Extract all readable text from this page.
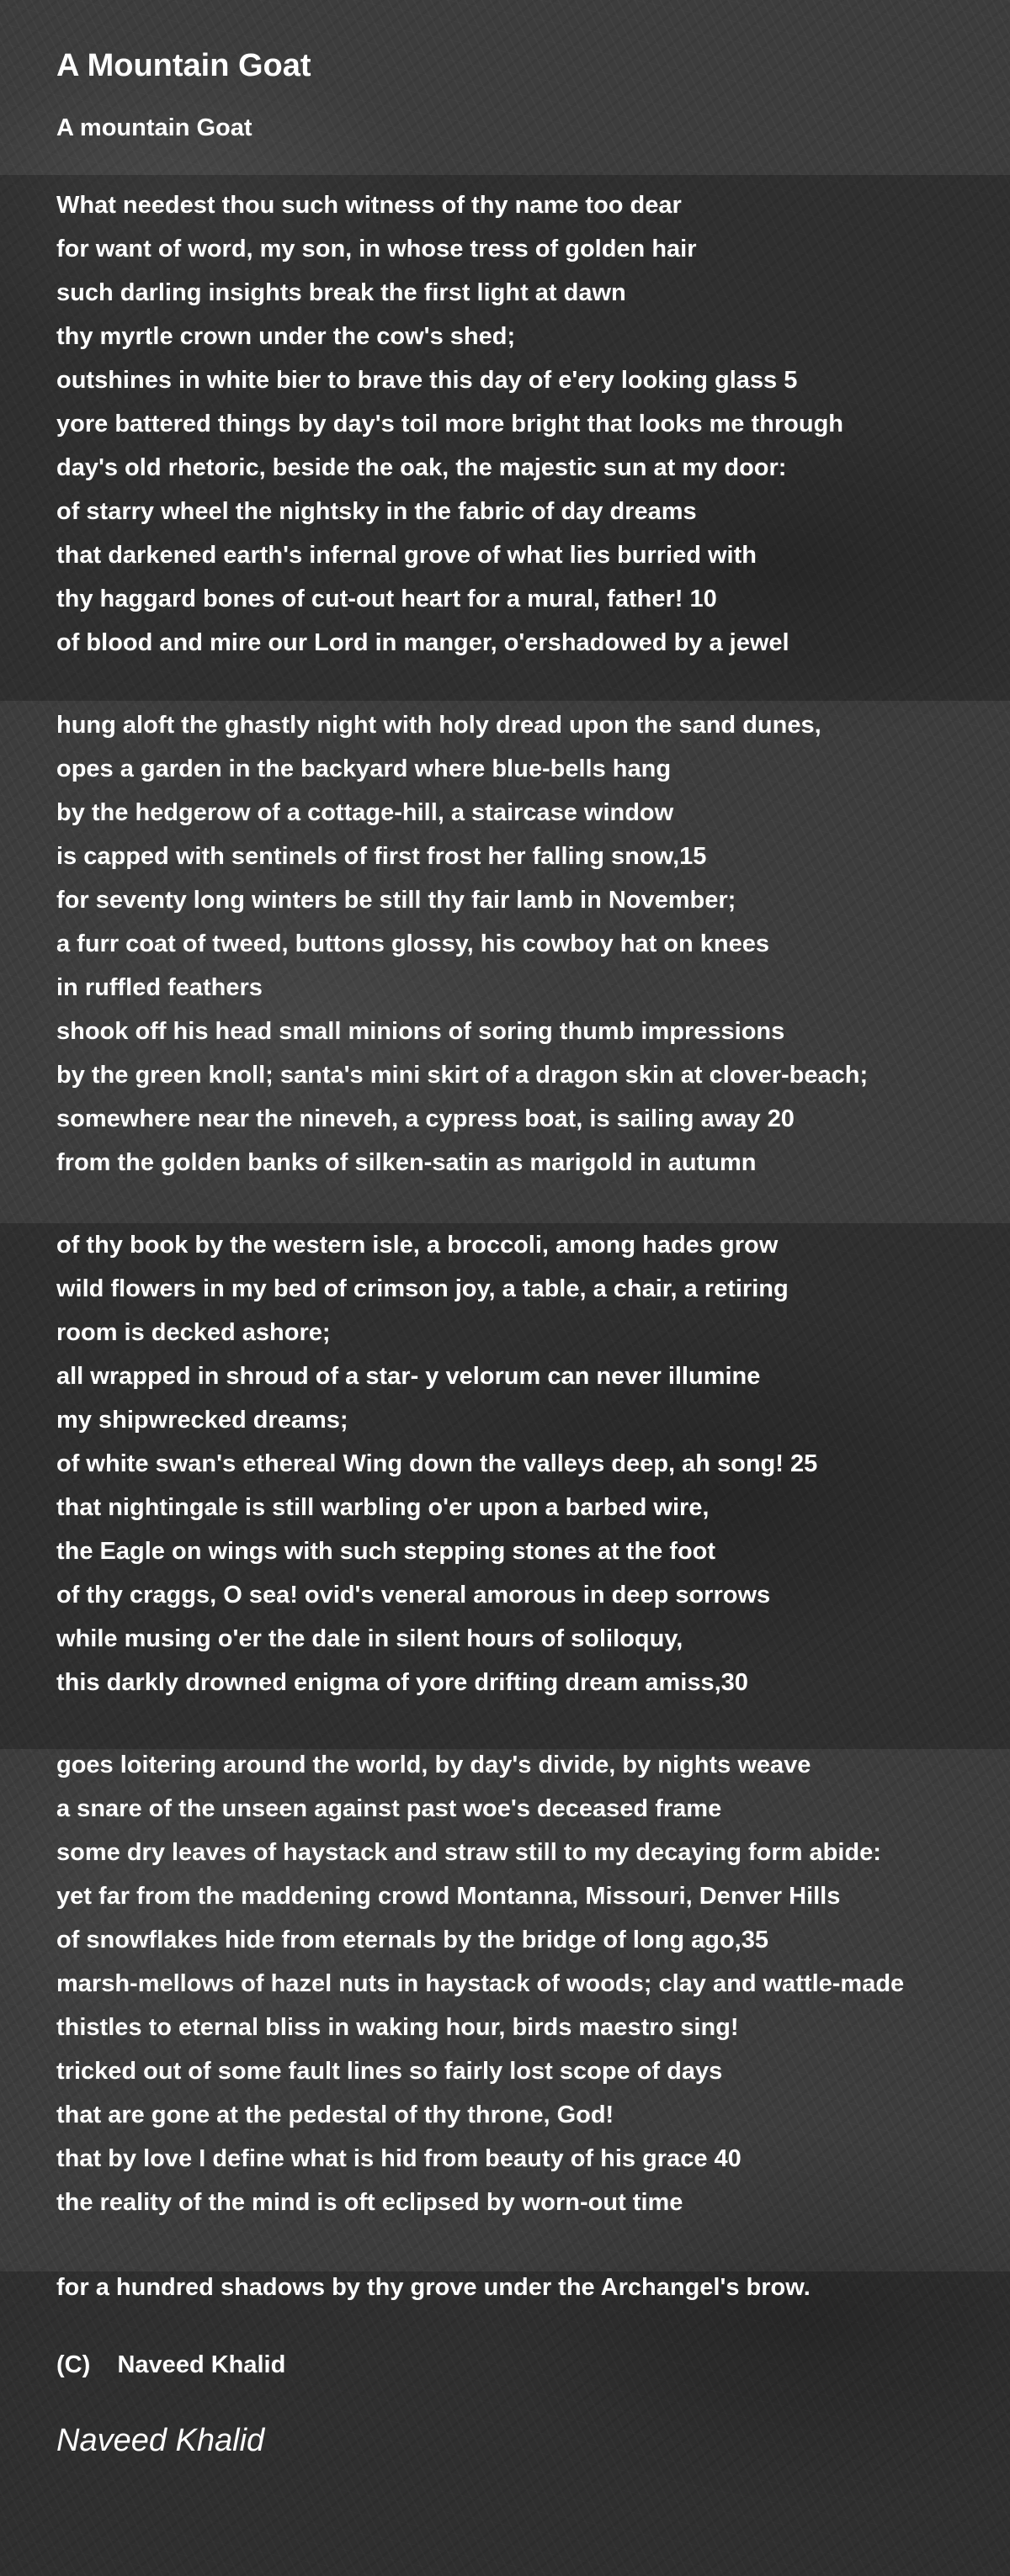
A Mountain Goat
A mountain Goat
What needest thou such witness of thy name too dear
for want of word, my son, in whose tress of golden hair
such darling insights break the first light at dawn
thy myrtle crown under the cow's shed;
outshines in white bier to brave this day of e'ery looking glass 5
yore battered things by day's toil more bright that looks me through
day's old rhetoric, beside the oak, the majestic sun at my door:
of starry wheel the nightsky in the fabric of day dreams
that darkened earth's infernal grove of what lies burried with
thy haggard bones of cut-out heart for a mural, father! 10
of blood and mire our Lord in manger, o'ershadowed by a jewel
hung aloft the ghastly night with holy dread upon the sand dunes,
opes a garden in the backyard where blue-bells hang
by the hedgerow of a cottage-hill, a staircase window
is capped with sentinels of first frost her falling snow,15
for seventy long winters be still thy fair lamb in November;
a furr coat of tweed, buttons glossy, his cowboy hat on knees
in ruffled feathers
shook off his head small minions of soring thumb impressions
by the green knoll; santa's mini skirt of a dragon skin at clover-beach;
somewhere near the nineveh, a cypress boat, is sailing away 20
from the golden banks of silken-satin as marigold in autumn
of thy book by the western isle, a broccoli, among hades grow
wild flowers in my bed of crimson joy, a table, a chair, a retiring
room is decked ashore;
all wrapped in shroud of a star- y velorum can never illumine
my shipwrecked dreams;
of white swan's ethereal Wing down the valleys deep, ah song! 25
that nightingale is still warbling o'er upon a barbed wire,
the Eagle on wings with such stepping stones at the foot
of thy craggs, O sea! ovid's veneral amorous in deep sorrows
while musing o'er the dale in silent hours of soliloquy,
this darkly drowned enigma of yore drifting dream amiss,30
goes loitering around the world, by day's divide, by nights weave
a snare of the unseen against past woe's deceased frame
some dry leaves of haystack and straw still to my decaying form abide:
yet far from the maddening crowd Montanna, Missouri, Denver Hills
of snowflakes hide from eternals by the bridge of long ago,35
marsh-mellows of hazel nuts in haystack of woods; clay and wattle-made
thistles to eternal bliss in waking hour, birds maestro sing!
tricked out of some fault lines so fairly lost scope of days
that are gone at the pedestal of thy throne, God!
that by love I define what is hid from beauty of his grace 40
the reality of the mind is oft eclipsed by worn-out time
for a hundred shadows by thy grove under the Archangel's brow.
(C)    Naveed Khalid
Naveed Khalid
